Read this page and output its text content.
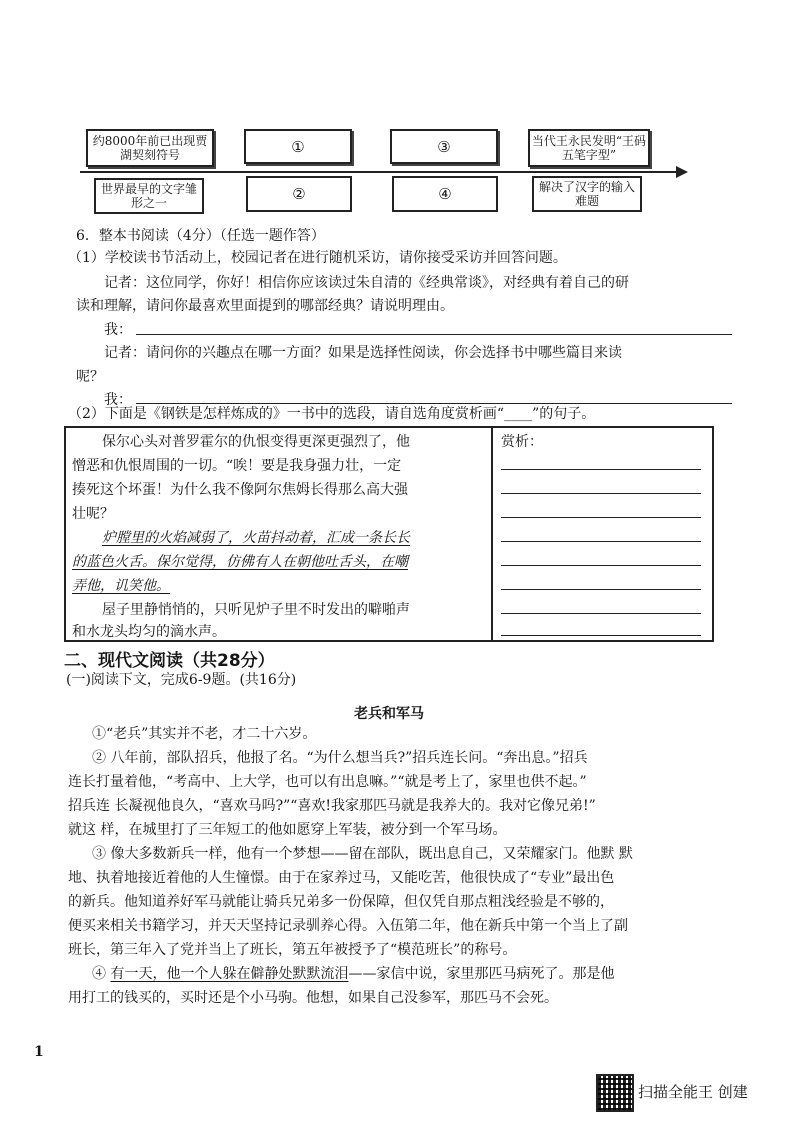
约8000年前已出现贾湖契刻符号	①	③	当代王永民发明“王码五笔字型”
世界最早的文字雏形之一	②	④	解决了汉字的输入难题
6．整本书阅读（4分）（任选一题作答）
（1）学校读书节活动上，校园记者在进行随机采访，请你接受采访并回答问题。
记者：这位同学，你好！相信你应该读过朱自清的《经典常谈》，对经典有着自己的研
读和理解，请问你最喜欢里面提到的哪部经典？请说明理由。
我：
记者：请问你的兴趣点在哪一方面？如果是选择性阅读，你会选择书中哪些篇目来读
呢？
我：
（2）下面是《钢铁是怎样炼成的》一书中的选段，请自选角度赏析画“____”的句子。
保尔心头对普罗霍尔的仇恨变得更深更强烈了，他
憎恶和仇恨周围的一切。“唉！要是我身强力壮，一定
揍死这个坏蛋！为什么我不像阿尔焦姆长得那么高大强
壮呢？
炉膛里的火焰减弱了，火苗抖动着，汇成一条长长
的蓝色火舌。保尔觉得，仿佛有人在朝他吐舌头，在嘲
弄他，讥笑他。
屋子里静悄悄的，只听见炉子里不时发出的噼啪声
和水龙头均匀的滴水声。

赏析：
二、现代文阅读（共28分）
(一)阅读下文，完成6-9题。(共16分)
老兵和军马
①“老兵”其实并不老，才二十六岁。
② 八年前，部队招兵，他报了名。“为什么想当兵?”招兵连长问。“奔出息。”招兵
连长打量着他，“考高中、上大学，也可以有出息嘛。”“就是考上了，家里也供不起。”
招兵连 长凝视他良久，“喜欢马吗?”“喜欢!我家那匹马就是我养大的。我对它像兄弟!”
就这 样，在城里打了三年短工的他如愿穿上军装，被分到一个军马场。
③ 像大多数新兵一样，他有一个梦想——留在部队，既出息自己，又荣耀家门。他默 默
地、执着地接近着他的人生憧憬。由于在家养过马，又能吃苦，他很快成了“专业”最出色
的新兵。他知道养好军马就能让骑兵兄弟多一份保障，但仅凭自那点粗浅经验是不够的，
便买来相关书籍学习，并天天坚持记录驯养心得。入伍第二年，他在新兵中第一个当上了副
班长，第三年入了党并当上了班长，第五年被授予了“模范班长”的称号。
④ 有一天，他一个人躲在僻静处默默流泪——家信中说，家里那匹马病死了。那是他
用打工的钱买的，买时还是个小马驹。他想，如果自己没参军，那匹马不会死。
1
扫描全能王 创建
